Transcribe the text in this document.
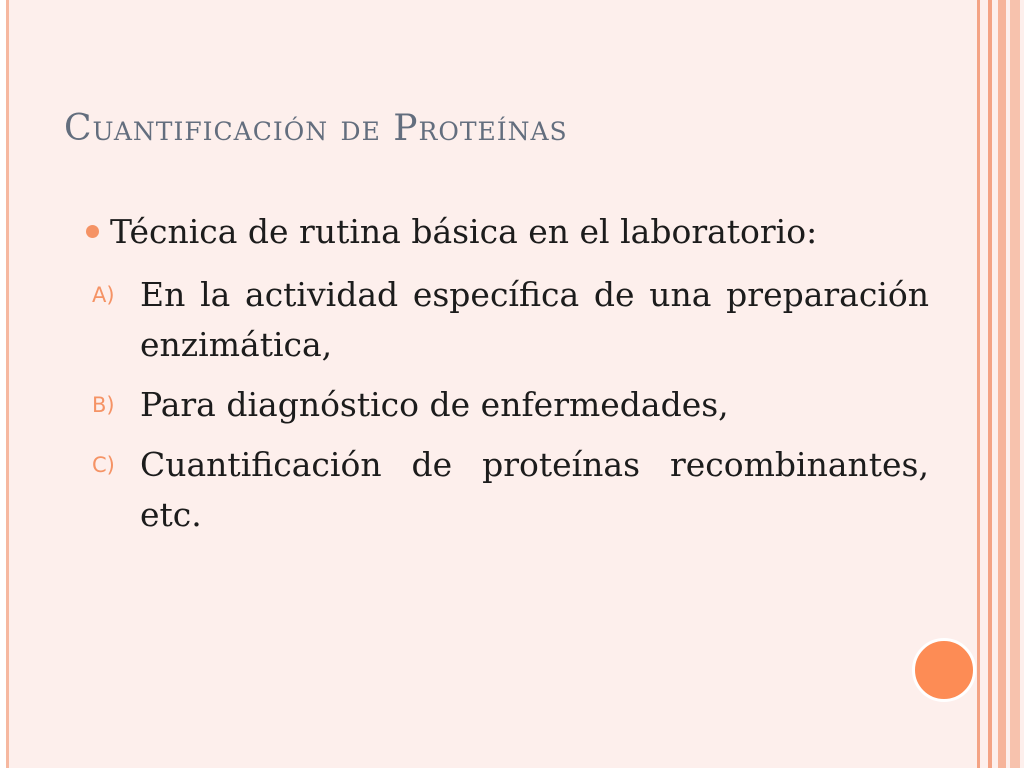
Cuantificación de Proteínas
Técnica de rutina básica en el laboratorio:
A) En la actividad específica de una preparación enzimática,
B) Para diagnóstico de enfermedades,
C) Cuantificación de proteínas recombinantes, etc.
